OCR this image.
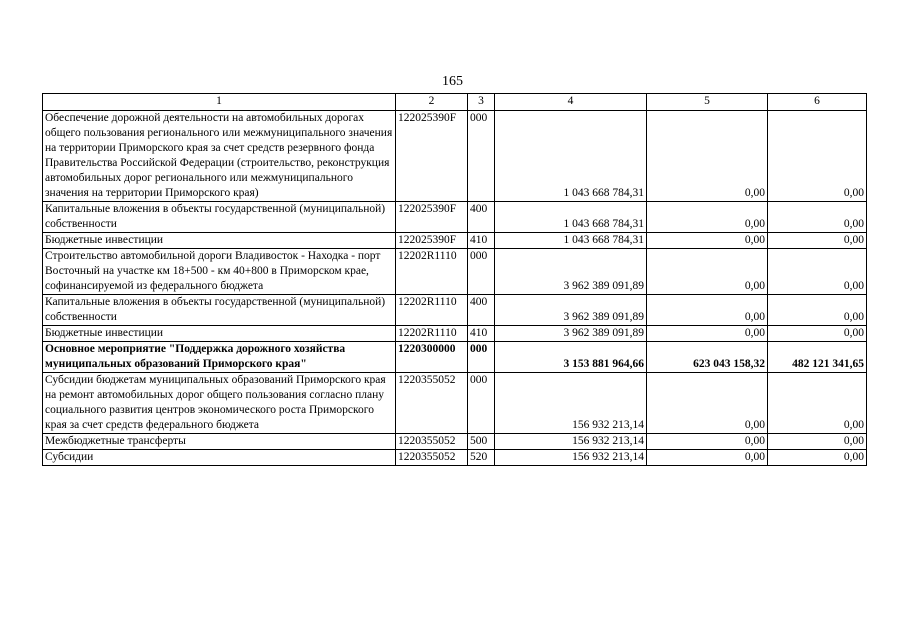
165
1	2	3	4	5	6
Обеспечение дорожной деятельности на автомобильных дорогах общего пользования регионального или межмуниципального значения на территории Приморского края за счет средств резервного фонда Правительства Российской Федерации (строительство, реконструкция автомобильных дорог регионального или межмуниципального значения на территории Приморского края)	122025390F	000	1 043 668 784,31	0,00	0,00
Капитальные вложения в объекты государственной (муниципальной) собственности	122025390F	400	1 043 668 784,31	0,00	0,00
Бюджетные инвестиции	122025390F	410	1 043 668 784,31	0,00	0,00
Строительство автомобильной дороги Владивосток - Находка - порт Восточный на участке км 18+500 - км 40+800 в Приморском крае, софинансируемой из федерального бюджета	12202R1110	000	3 962 389 091,89	0,00	0,00
Капитальные вложения в объекты государственной (муниципальной) собственности	12202R1110	400	3 962 389 091,89	0,00	0,00
Бюджетные инвестиции	12202R1110	410	3 962 389 091,89	0,00	0,00
Основное мероприятие "Поддержка дорожного хозяйства муниципальных образований Приморского края"	1220300000	000	3 153 881 964,66	623 043 158,32	482 121 341,65
Субсидии бюджетам муниципальных образований Приморского края на ремонт автомобильных дорог общего пользования согласно плану социального развития центров экономического роста Приморского края за счет средств федерального бюджета	1220355052	000	156 932 213,14	0,00	0,00
Межбюджетные трансферты	1220355052	500	156 932 213,14	0,00	0,00
Субсидии	1220355052	520	156 932 213,14	0,00	0,00
